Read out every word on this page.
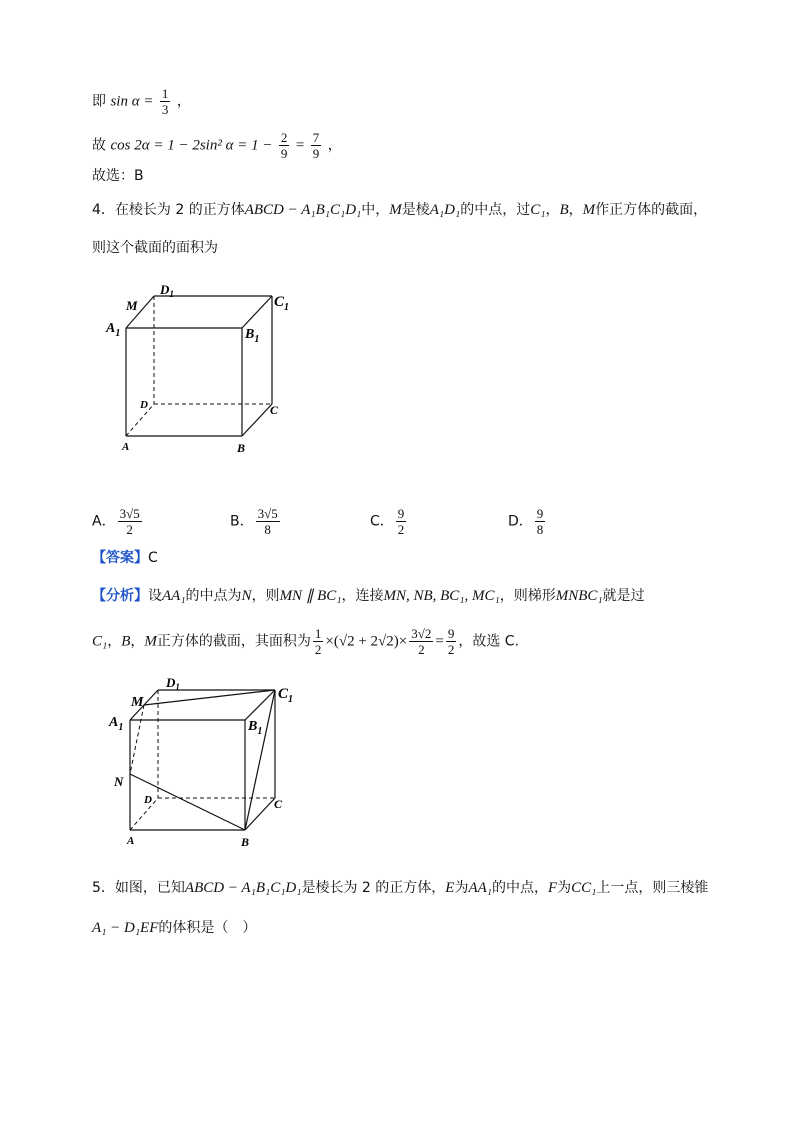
即 $\sin \alpha = \frac{1}{3}$ ，
故 cos 2α = 1 − 2sin² $\alpha = 1 - \frac{2}{9} = \frac{7}{9}$ ，
故选：B
4．在棱长为 2 的正方体ABCD − A₁B₁C₁D₁中，M是棱A₁D₁的中点，过C₁，B，M作正方体的截面，
则这个截面的面积为
$D_1$	$C_1$
M
$A_1$	$B_1$
D	C
A	B
A． $\frac{3√5}{2}$	B． $\frac{3√5}{8}$	C． $\frac{9}{2}$	D． $\frac{9}{8}$
【答案】C
【分析】设AA₁的中点为N，则MN ∥ BC₁，连接MN, NB, BC₁, MC₁，则梯形MNBC₁就是过
C₁，B，M正方体的截面，其面积为 $\frac{1}{2} \times(√2 + 2√2)\times \frac{3√2}{2} = \frac{9}{2}$ ，故选 C.
$D_1$	$C_1$
M
$A_1$	$B_1$
N
D	C
A	B
5．如图，已知ABCD − A₁B₁C₁D₁是棱长为 2 的正方体，E为AA₁的中点，F为CC₁上一点，则三棱锥
A₁ − D₁EF的体积是（　）
